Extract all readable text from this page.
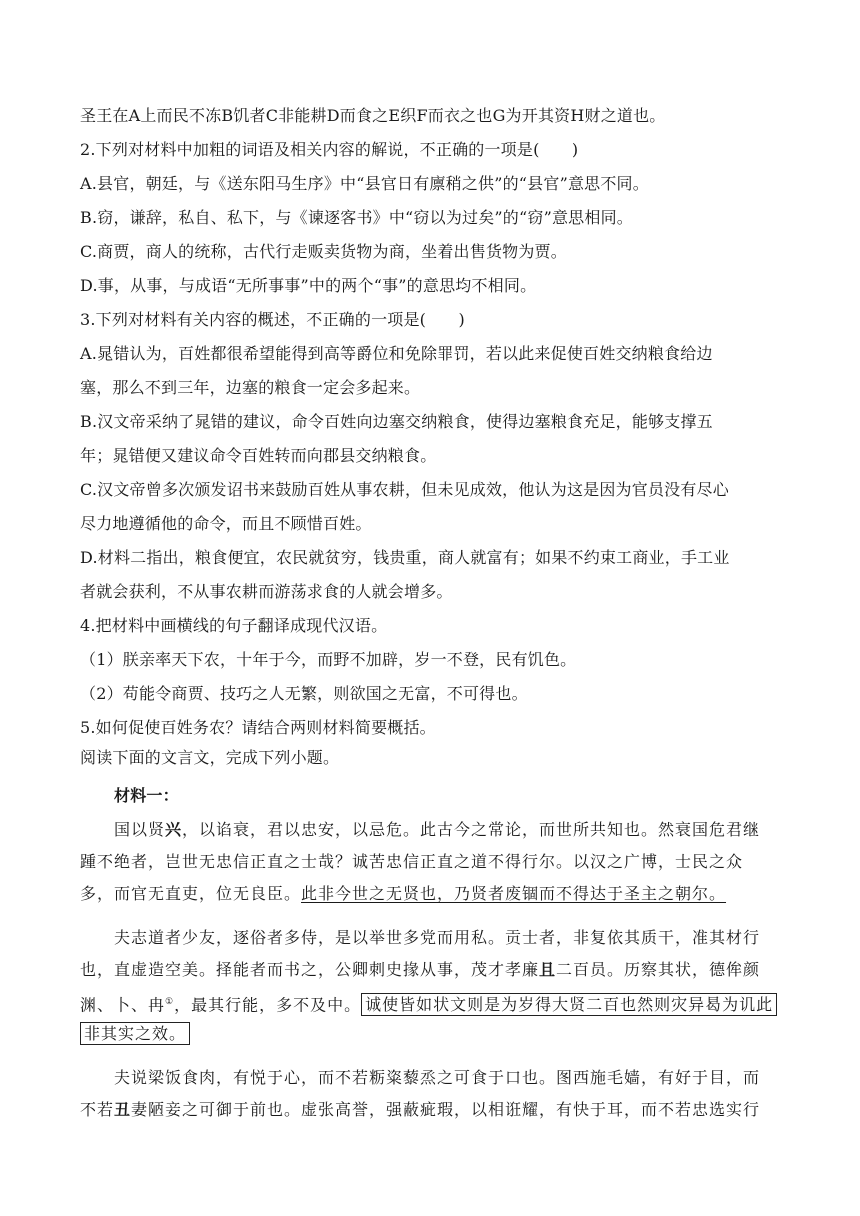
圣王在A上而民不冻B饥者C非能耕D而食之E织F而衣之也G为开其资H财之道也。
2.下列对材料中加粗的词语及相关内容的解说，不正确的一项是(　　)
A.县官，朝廷，与《送东阳马生序》中“县官日有廪稍之供”的“县官”意思不同。
B.窃，谦辞，私自、私下，与《谏逐客书》中“窃以为过矣”的“窃”意思相同。
C.商贾，商人的统称，古代行走贩卖货物为商，坐着出售货物为贾。
D.事，从事，与成语“无所事事”中的两个“事”的意思均不相同。
3.下列对材料有关内容的概述，不正确的一项是(　　)
A.晁错认为，百姓都很希望能得到高等爵位和免除罪罚，若以此来促使百姓交纳粮食给边
塞，那么不到三年，边塞的粮食一定会多起来。
B.汉文帝采纳了晁错的建议，命令百姓向边塞交纳粮食，使得边塞粮食充足，能够支撑五
年；晁错便又建议命令百姓转而向郡县交纳粮食。
C.汉文帝曾多次颁发诏书来鼓励百姓从事农耕，但未见成效，他认为这是因为官员没有尽心
尽力地遵循他的命令，而且不顾惜百姓。
D.材料二指出，粮食便宜，农民就贫穷，钱贵重，商人就富有；如果不约束工商业，手工业
者就会获利，不从事农耕而游荡求食的人就会增多。
4.把材料中画横线的句子翻译成现代汉语。
（1）朕亲率天下农，十年于今，而野不加辟，岁一不登，民有饥色。
（2）苟能令商贾、技巧之人无繁，则欲国之无富，不可得也。
5.如何促使百姓务农？请结合两则材料简要概括。
阅读下面的文言文，完成下列小题。
材料一：
国以贤兴，以谄衰，君以忠安，以忌危。此古今之常论，而世所共知也。然衰国危君继
踵不绝者，岂世无忠信正直之士哉？诚苦忠信正直之道不得行尔。以汉之广博，士民之众
多，而官无直吏，位无良臣。此非今世之无贤也，乃贤者废锢而不得达于圣主之朝尔。
夫志道者少友，逐俗者多侍，是以举世多党而用私。贡士者，非复依其质干，准其材行
也，直虚造空美。择能者而书之，公卿刺史掾从事，茂才孝廉且二百员。历察其状，德侔颜
渊、卜、冉①，最其行能，多不及中。 诚使皆如状文则是为岁得大贤二百也然则灾异曷为讥此
非其实之效。
夫说梁饭食肉，有悦于心，而不若粝粢藜烝之可食于口也。图西施毛嫱，有好于目，而
不若丑妻陋妾之可御于前也。虚张高誉，强蔽疵瑕，以相诳耀，有快于耳，而不若忠选实行
